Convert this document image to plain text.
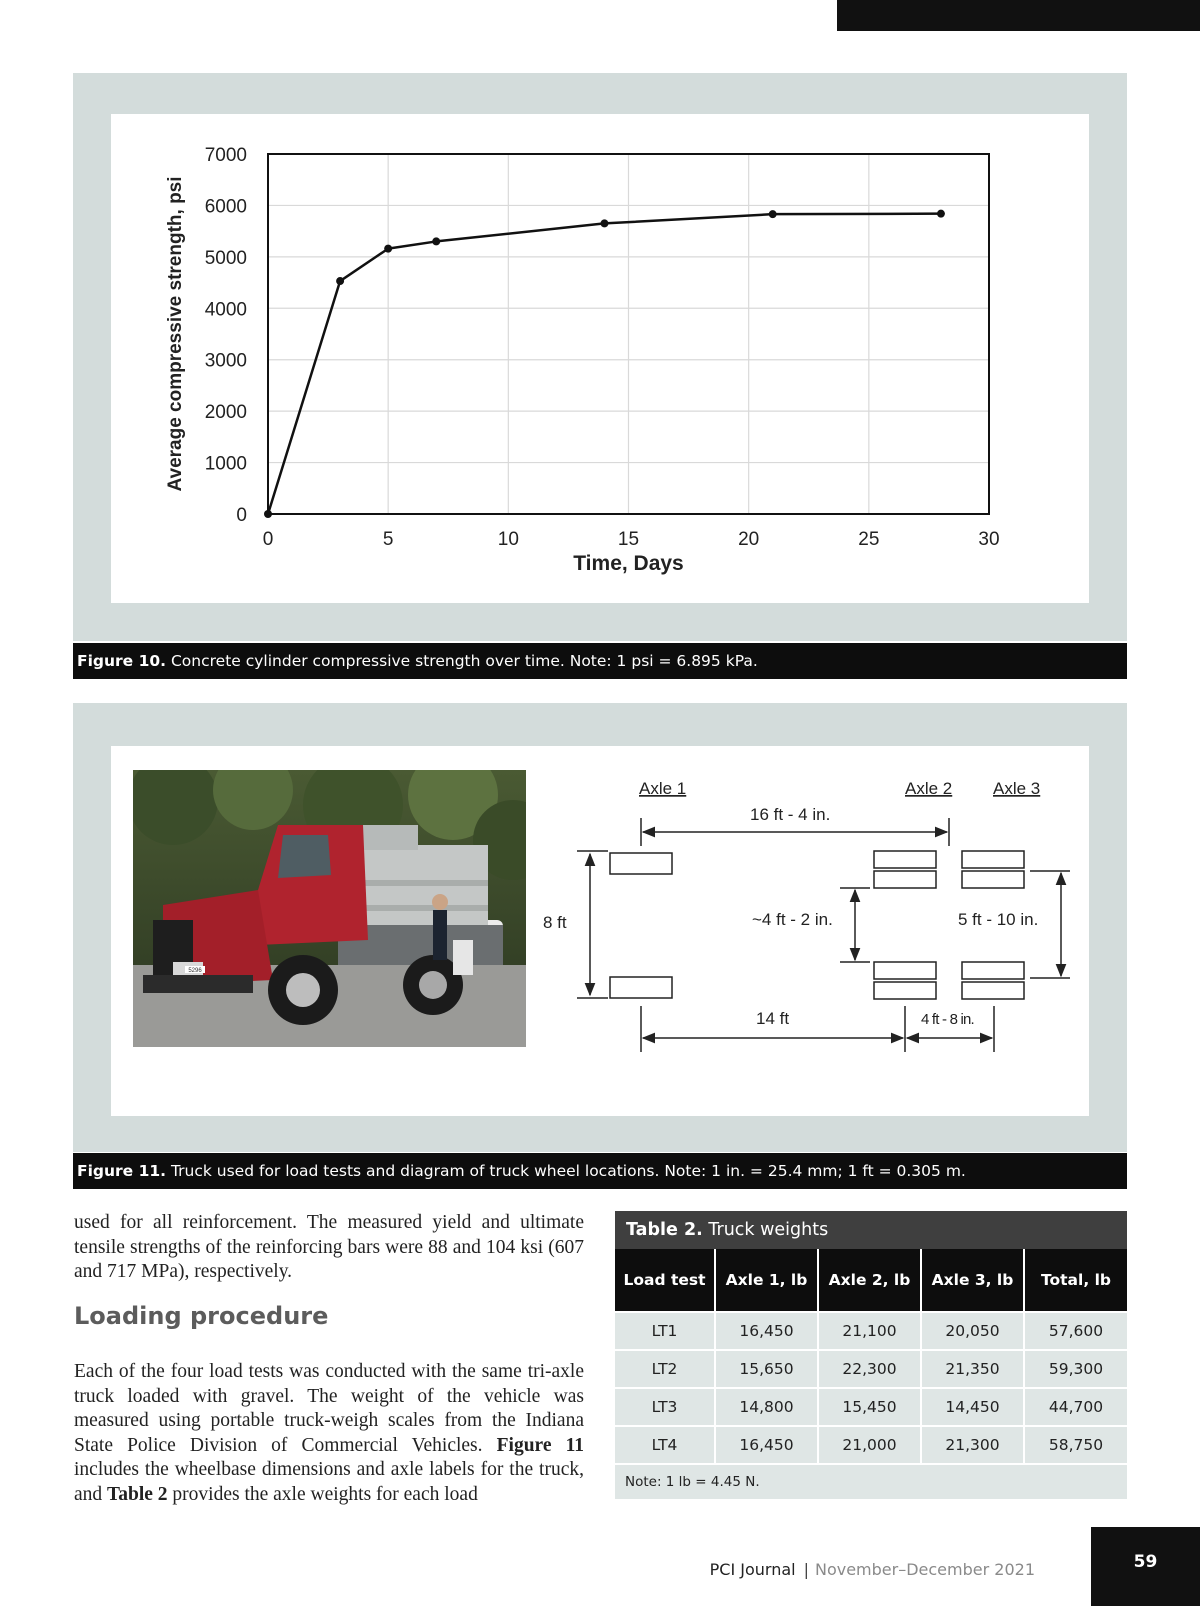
0	5	10	15	20	25	30
0
1000
2000
3000
4000
5000
6000
7000
Time, Days
Average compressive strength, psi
Figure 10. Concrete cylinder compressive strength over time. Note: 1 psi = 6.895 kPa.
5296
Axle 1	Axle 2 Axle 3
16 ft - 4 in.
8 ft	~4 ft - 2 in.	5 ft - 10 in.
14 ft	4 ft - 8 in.
Figure 11. Truck used for load tests and diagram of truck wheel locations. Note: 1 in. = 25.4 mm; 1 ft = 0.305 m.

used for all reinforcement. The measured yield and ultimate tensile strengths of the reinforcing bars were 88 and 104 ksi (607 and 717 MPa), respectively.

Loading procedure

Each of the four load tests was conducted with the same tri-axle truck loaded with gravel. The weight of the vehicle was measured using portable truck-weigh scales from the Indiana State Police Division of Commercial Vehicles. Figure 11 includes the wheelbase dimensions and axle labels for the truck, and Table 2 provides the axle weights for each load

Table 2. Truck weights
Load test	Axle 1, lb	Axle 2, lb	Axle 3, lb	Total, lb
LT1	16,450	21,100	20,050	57,600
LT2	15,650	22,300	21,350	59,300
LT3	14,800	15,450	14,450	44,700
LT4	16,450	21,000	21,300	58,750
Note: 1 lb = 4.45 N.
PCI Journal | November–December 2021	59
